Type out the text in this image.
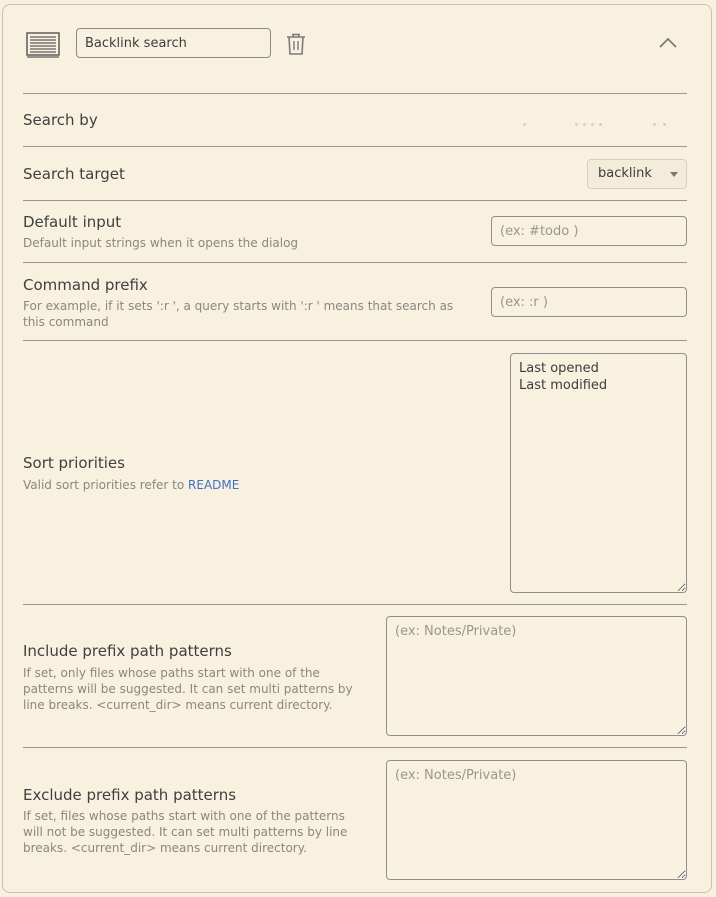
Backlink search
Search by
Search target	backlink
Default input
Default input strings when it opens the dialog
(ex: #todo )
Command prefix
For example, if it sets ':r ', a query starts with ':r ' means that search as this command
(ex: :r )
Sort priorities
Valid sort priorities refer to README
Last opened Last modified
Include prefix path patterns
If set, only files whose paths start with one of the patterns will be suggested. It can set multi patterns by line breaks. <current_dir> means current directory.
(ex: Notes/Private)
Exclude prefix path patterns
If set, files whose paths start with one of the patterns will not be suggested. It can set multi patterns by line breaks. <current_dir> means current directory.
(ex: Notes/Private)
